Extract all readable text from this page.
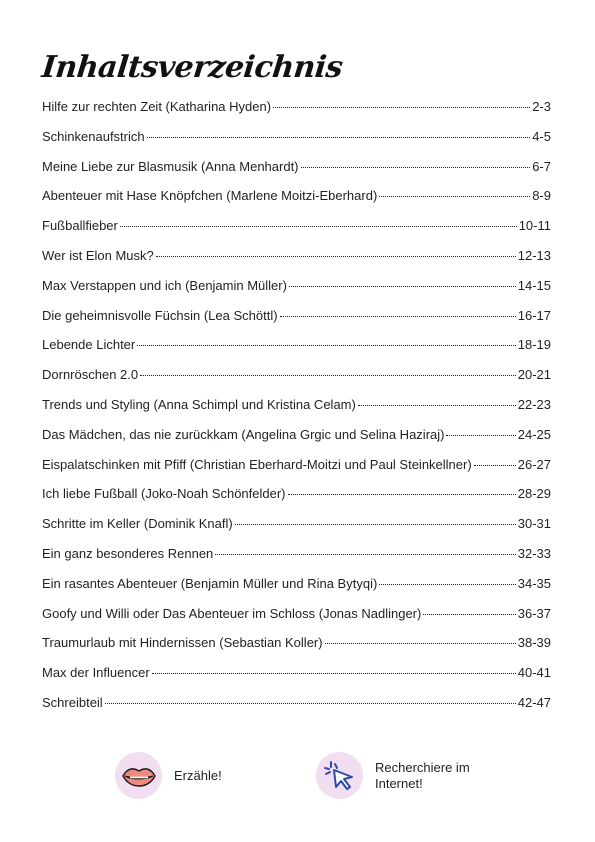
Inhaltsverzeichnis
Hilfe zur rechten Zeit (Katharina Hyden)	2-3
Schinkenaufstrich	4-5
Meine Liebe zur Blasmusik (Anna Menhardt)	6-7
Abenteuer mit Hase Knöpfchen (Marlene Moitzi-Eberhard)	8-9
Fußballfieber	10-11
Wer ist Elon Musk?	12-13
Max Verstappen und ich (Benjamin Müller)	14-15
Die geheimnisvolle Füchsin (Lea Schöttl)	16-17
Lebende Lichter	18-19
Dornröschen 2.0	20-21
Trends und Styling (Anna Schimpl und Kristina Celam)	22-23
Das Mädchen, das nie zurückkam (Angelina Grgic und Selina Haziraj)	24-25
Eispalatschinken mit Pfiff (Christian Eberhard-Moitzi und Paul Steinkellner)	26-27
Ich liebe Fußball (Joko-Noah Schönfelder)	28-29
Schritte im Keller (Dominik Knafl)	30-31
Ein ganz besonderes Rennen	32-33
Ein rasantes Abenteuer (Benjamin Müller und Rina Bytyqi)	34-35
Goofy und Willi oder Das Abenteuer im Schloss (Jonas Nadlinger)	36-37
Traumurlaub mit Hindernissen (Sebastian Koller)	38-39
Max der Influencer	40-41
Schreibteil	42-47
Erzähle!
Recherchiere im Internet!
